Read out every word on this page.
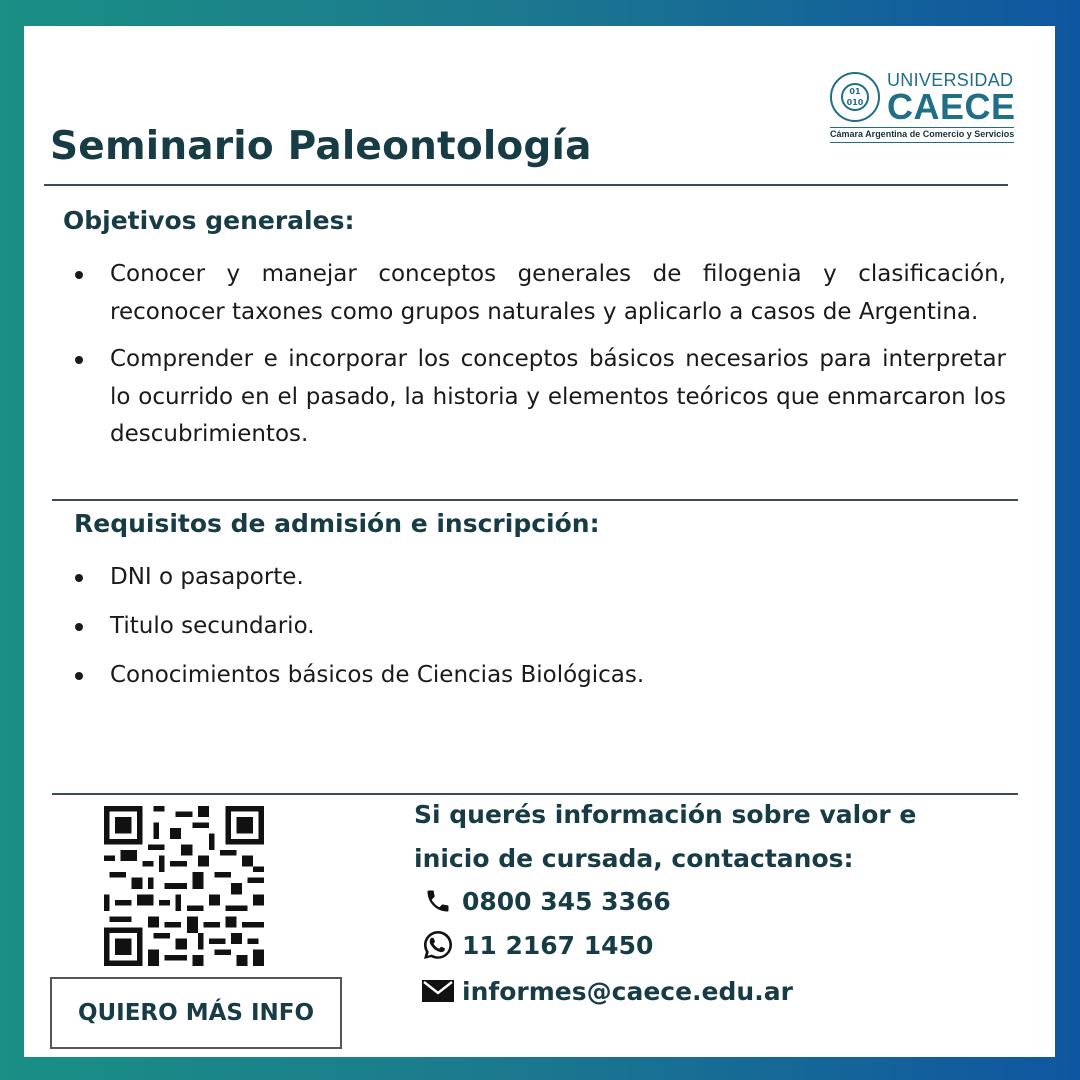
01 010
UNIVERSIDAD
CAECE
Cámara Argentina de Comercio y Servicios
Seminario Paleontología
Objetivos generales:
Conocer y manejar conceptos generales de filogenia y clasificación, reconocer taxones como grupos naturales y aplicarlo a casos de Argentina.
Comprender e incorporar los conceptos básicos necesarios para interpretar lo ocurrido en el pasado, la historia y elementos teóricos que enmarcaron los descubrimientos.
Requisitos de admisión e inscripción:
DNI o pasaporte.
Titulo secundario.
Conocimientos básicos de Ciencias Biológicas.
QUIERO MÁS INFO

Si querés información sobre valor e
inicio de cursada, contactanos:

0800 345 3366
11 2167 1450
informes@caece.edu.ar
